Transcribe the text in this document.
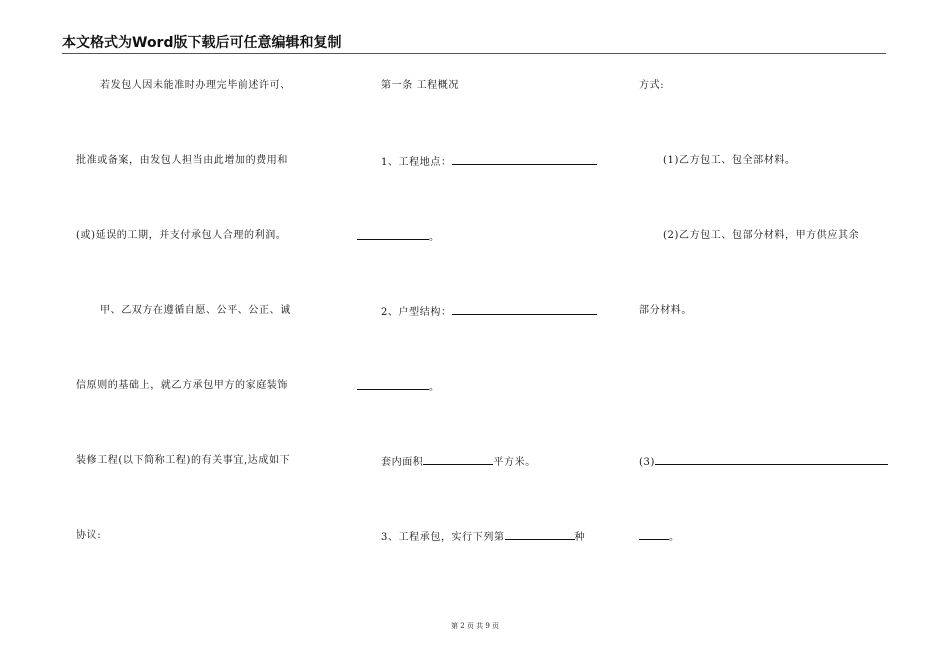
本文格式为Word版下载后可任意编辑和复制
若发包人因未能准时办理完毕前述许可、
批准或备案，由发包人担当由此增加的费用和
(或)延误的工期，并支付承包人合理的利润。
甲、乙双方在遵循自愿、公平、公正、诚
信原则的基础上，就乙方承包甲方的家庭装饰
装修工程(以下简称工程)的有关事宜,达成如下
协议:
第一条 工程概况
1、工程地点：
。
2、户型结构：
。
套内面积	平方米。
3、工程承包，实行下列第	种
方式:
(1)乙方包工、包全部材料。
(2)乙方包工、包部分材料，甲方供应其余
部分材料。
(3)
。
第 2 页 共 9 页
